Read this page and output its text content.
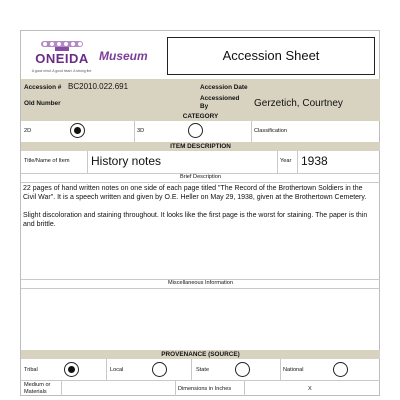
ONEIDA
A good mind. A good heart. A strong fire.
Museum	Accession Sheet
Accession # BC2010.022.691	Accession Date
Old Number
Accessioned By	Gerzetich, Courtney
CATEGORY
2D	3D	Classification
ITEM DESCRIPTION
Title/Name of Item History notes	Year 1938
Brief Description
22 pages of hand written notes on one side of each page titled "The Record of the Brothertown Soldiers in the Civil War". It is a speech written and given by O.E. Heller on May 29, 1938, given at the Brothertown Cemetery.
Slight discoloration and staining throughout. It looks like the first page is the worst for staining. The paper is thin and brittle.
Miscellaneous Information
PROVENANCE (SOURCE)
Tribal	Local	State	National
Medium or Materials	Dimensions in Inches	X
